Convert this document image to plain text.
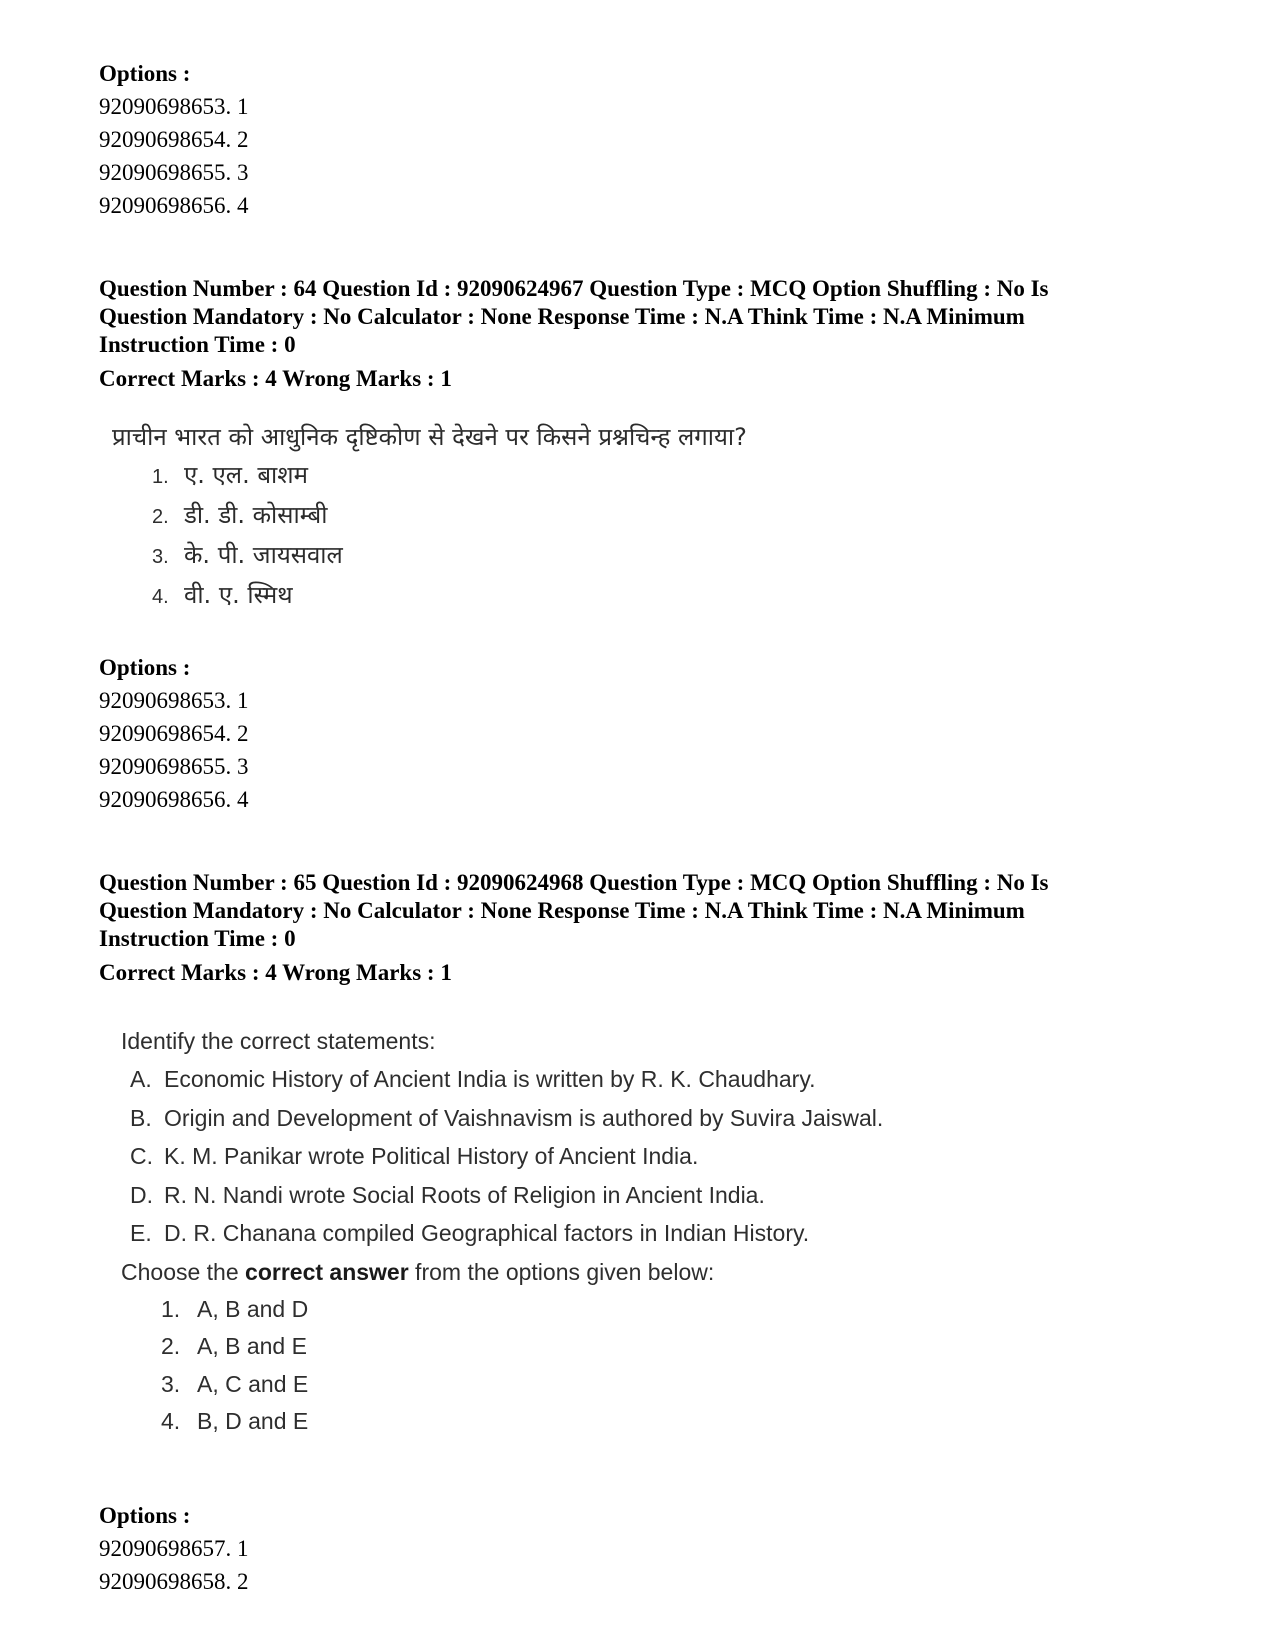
Options :
92090698653. 1
92090698654. 2
92090698655. 3
92090698656. 4
Question Number : 64 Question Id : 92090624967 Question Type : MCQ Option Shuffling : No Is
Question Mandatory : No Calculator : None Response Time : N.A Think Time : N.A Minimum
Instruction Time : 0
Correct Marks : 4 Wrong Marks : 1
प्राचीन भारत को आधुनिक दृष्टिकोण से देखने पर किसने प्रश्नचिन्ह लगाया?
1. ए. एल. बाशम
2. डी. डी. कोसाम्बी
3. के. पी. जायसवाल
4. वी. ए. स्मिथ
Options :
92090698653. 1
92090698654. 2
92090698655. 3
92090698656. 4
Question Number : 65 Question Id : 92090624968 Question Type : MCQ Option Shuffling : No Is
Question Mandatory : No Calculator : None Response Time : N.A Think Time : N.A Minimum
Instruction Time : 0
Correct Marks : 4 Wrong Marks : 1
Identify the correct statements:
A. Economic History of Ancient India is written by R. K. Chaudhary.
B. Origin and Development of Vaishnavism is authored by Suvira Jaiswal.
C. K. M. Panikar wrote Political History of Ancient India.
D. R. N. Nandi wrote Social Roots of Religion in Ancient India.
E. D. R. Chanana compiled Geographical factors in Indian History.
Choose the correct answer from the options given below:
1. A, B and D
2. A, B and E
3. A, C and E
4. B, D and E
Options :
92090698657. 1
92090698658. 2
